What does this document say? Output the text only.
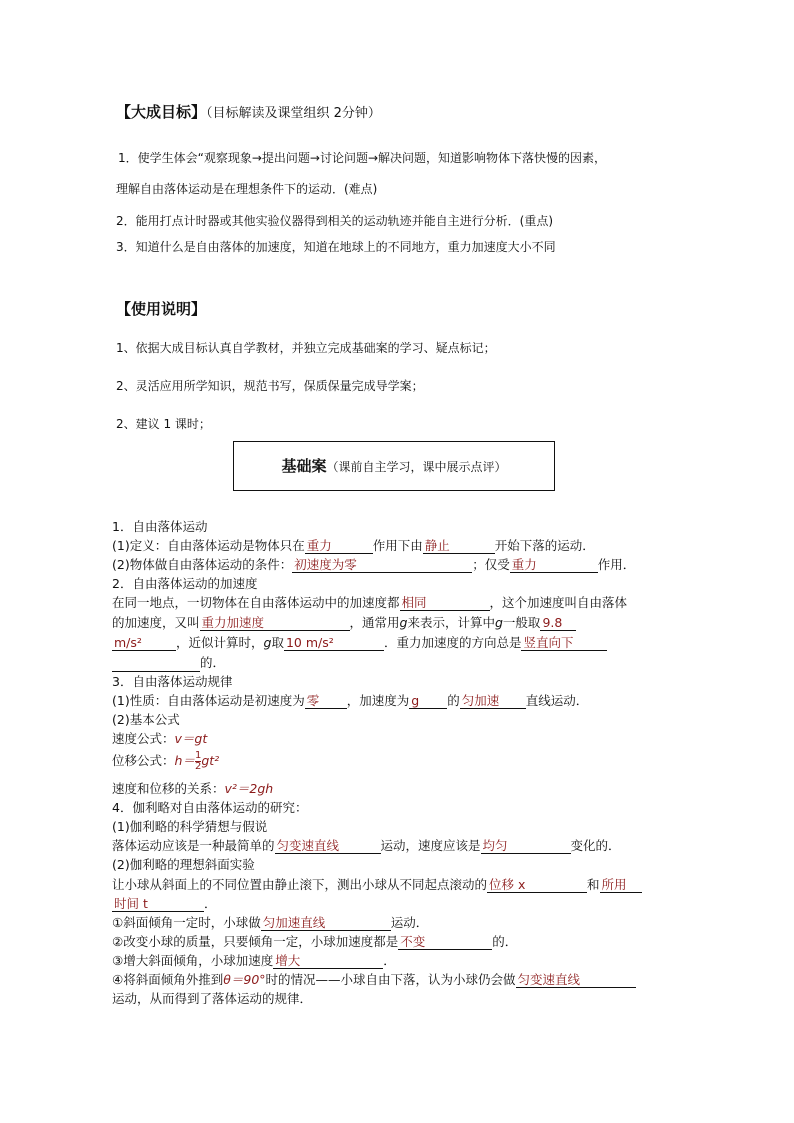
【大成目标】（目标解读及课堂组织 2分钟）
1．使学生体会“观察现象→提出问题→讨论问题→解决问题，知道影响物体下落快慢的因素，
理解自由落体运动是在理想条件下的运动．(难点)
2．能用打点计时器或其他实验仪器得到相关的运动轨迹并能自主进行分析．(重点)
3．知道什么是自由落体的加速度，知道在地球上的不同地方，重力加速度大小不同
【使用说明】
1、依据大成目标认真自学教材，并独立完成基础案的学习、疑点标记；
2、灵活应用所学知识，规范书写，保质保量完成导学案；
2、建议 1 课时；
基础案（课前自主学习，课中展示点评）
1．自由落体运动
(1)定义：自由落体运动是物体只在 重力	作用下由 静止	开始下落的运动．
(2)物体做自由落体运动的条件： 初速度为零	；仅受 重力	作用．
2．自由落体运动的加速度
在同一地点，一切物体在自由落体运动中的加速度都 相同	，这个加速度叫自由落体
的加速度，又叫 重力加速度	，通常用g来表示，计算中g一般取 9.8
m/s²	，近似计算时，g取 10 m/s²	．重力加速度的方向总是 竖直向下
的．
3．自由落体运动规律
(1)性质：自由落体运动是初速度为 零 ，加速度为 g 的 匀加速 直线运动．
(2)基本公式
速度公式：v＝gt
位移公式：$h= \frac{1}{2} gt^2$
速度和位移的关系：v²＝2gh
4．伽利略对自由落体运动的研究：
(1)伽利略的科学猜想与假说
落体运动应该是一种最简单的 匀变速直线	运动，速度应该是 均匀	变化的．
(2)伽利略的理想斜面实验
让小球从斜面上的不同位置由静止滚下，测出小球从不同起点滚动的 位移 x	和 所用
时间 t	．
①斜面倾角一定时，小球做 匀加速直线	运动．
②改变小球的质量，只要倾角一定，小球加速度都是 不变	的．
③增大斜面倾角，小球加速度 增大	．
④将斜面倾角外推到θ＝90°时的情况——小球自由下落，认为小球仍会做 匀变速直线
运动，从而得到了落体运动的规律．
